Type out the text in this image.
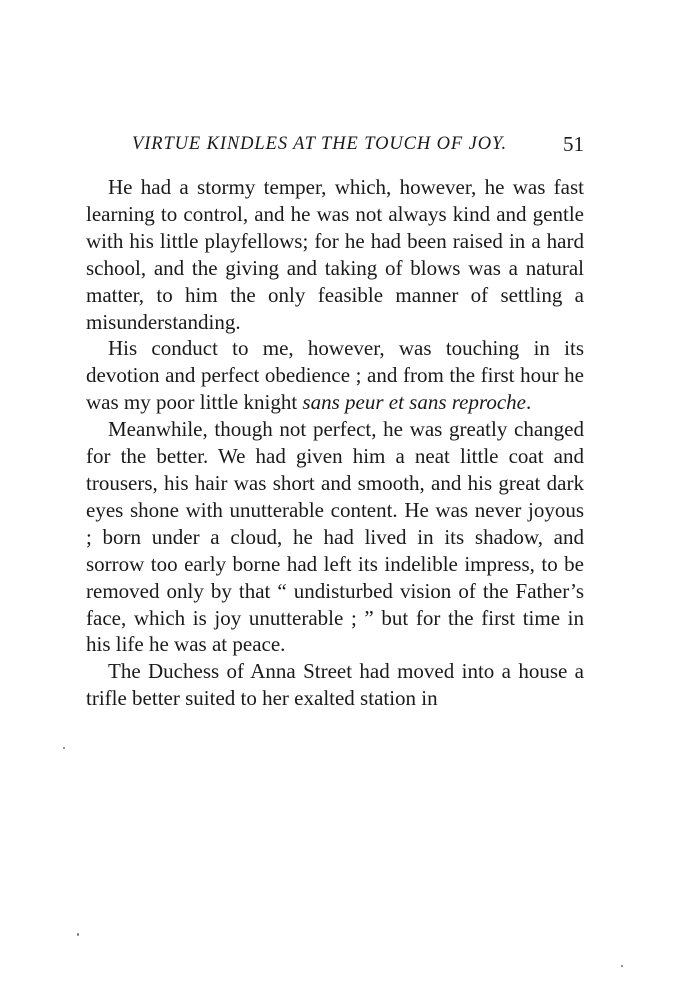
VIRTUE KINDLES AT THE TOUCH OF JOY.	51

He had a stormy temper, which, however, he was fast learning to control, and he was not always kind and gentle with his little playfellows; for he had been raised in a hard school, and the giving and taking of blows was a natural matter, to him the only feasible manner of settling a misunderstanding.

His conduct to me, however, was touching in its devotion and perfect obedience ; and from the first hour he was my poor little knight sans peur et sans reproche.

Meanwhile, though not perfect, he was greatly changed for the better. We had given him a neat little coat and trousers, his hair was short and smooth, and his great dark eyes shone with unutterable content. He was never joyous ; born under a cloud, he had lived in its shadow, and sorrow too early borne had left its indelible impress, to be removed only by that “ undisturbed vision of the Father’s face, which is joy unutterable ; ” but for the first time in his life he was at peace.

The Duchess of Anna Street had moved into a house a trifle better suited to her exalted station in
